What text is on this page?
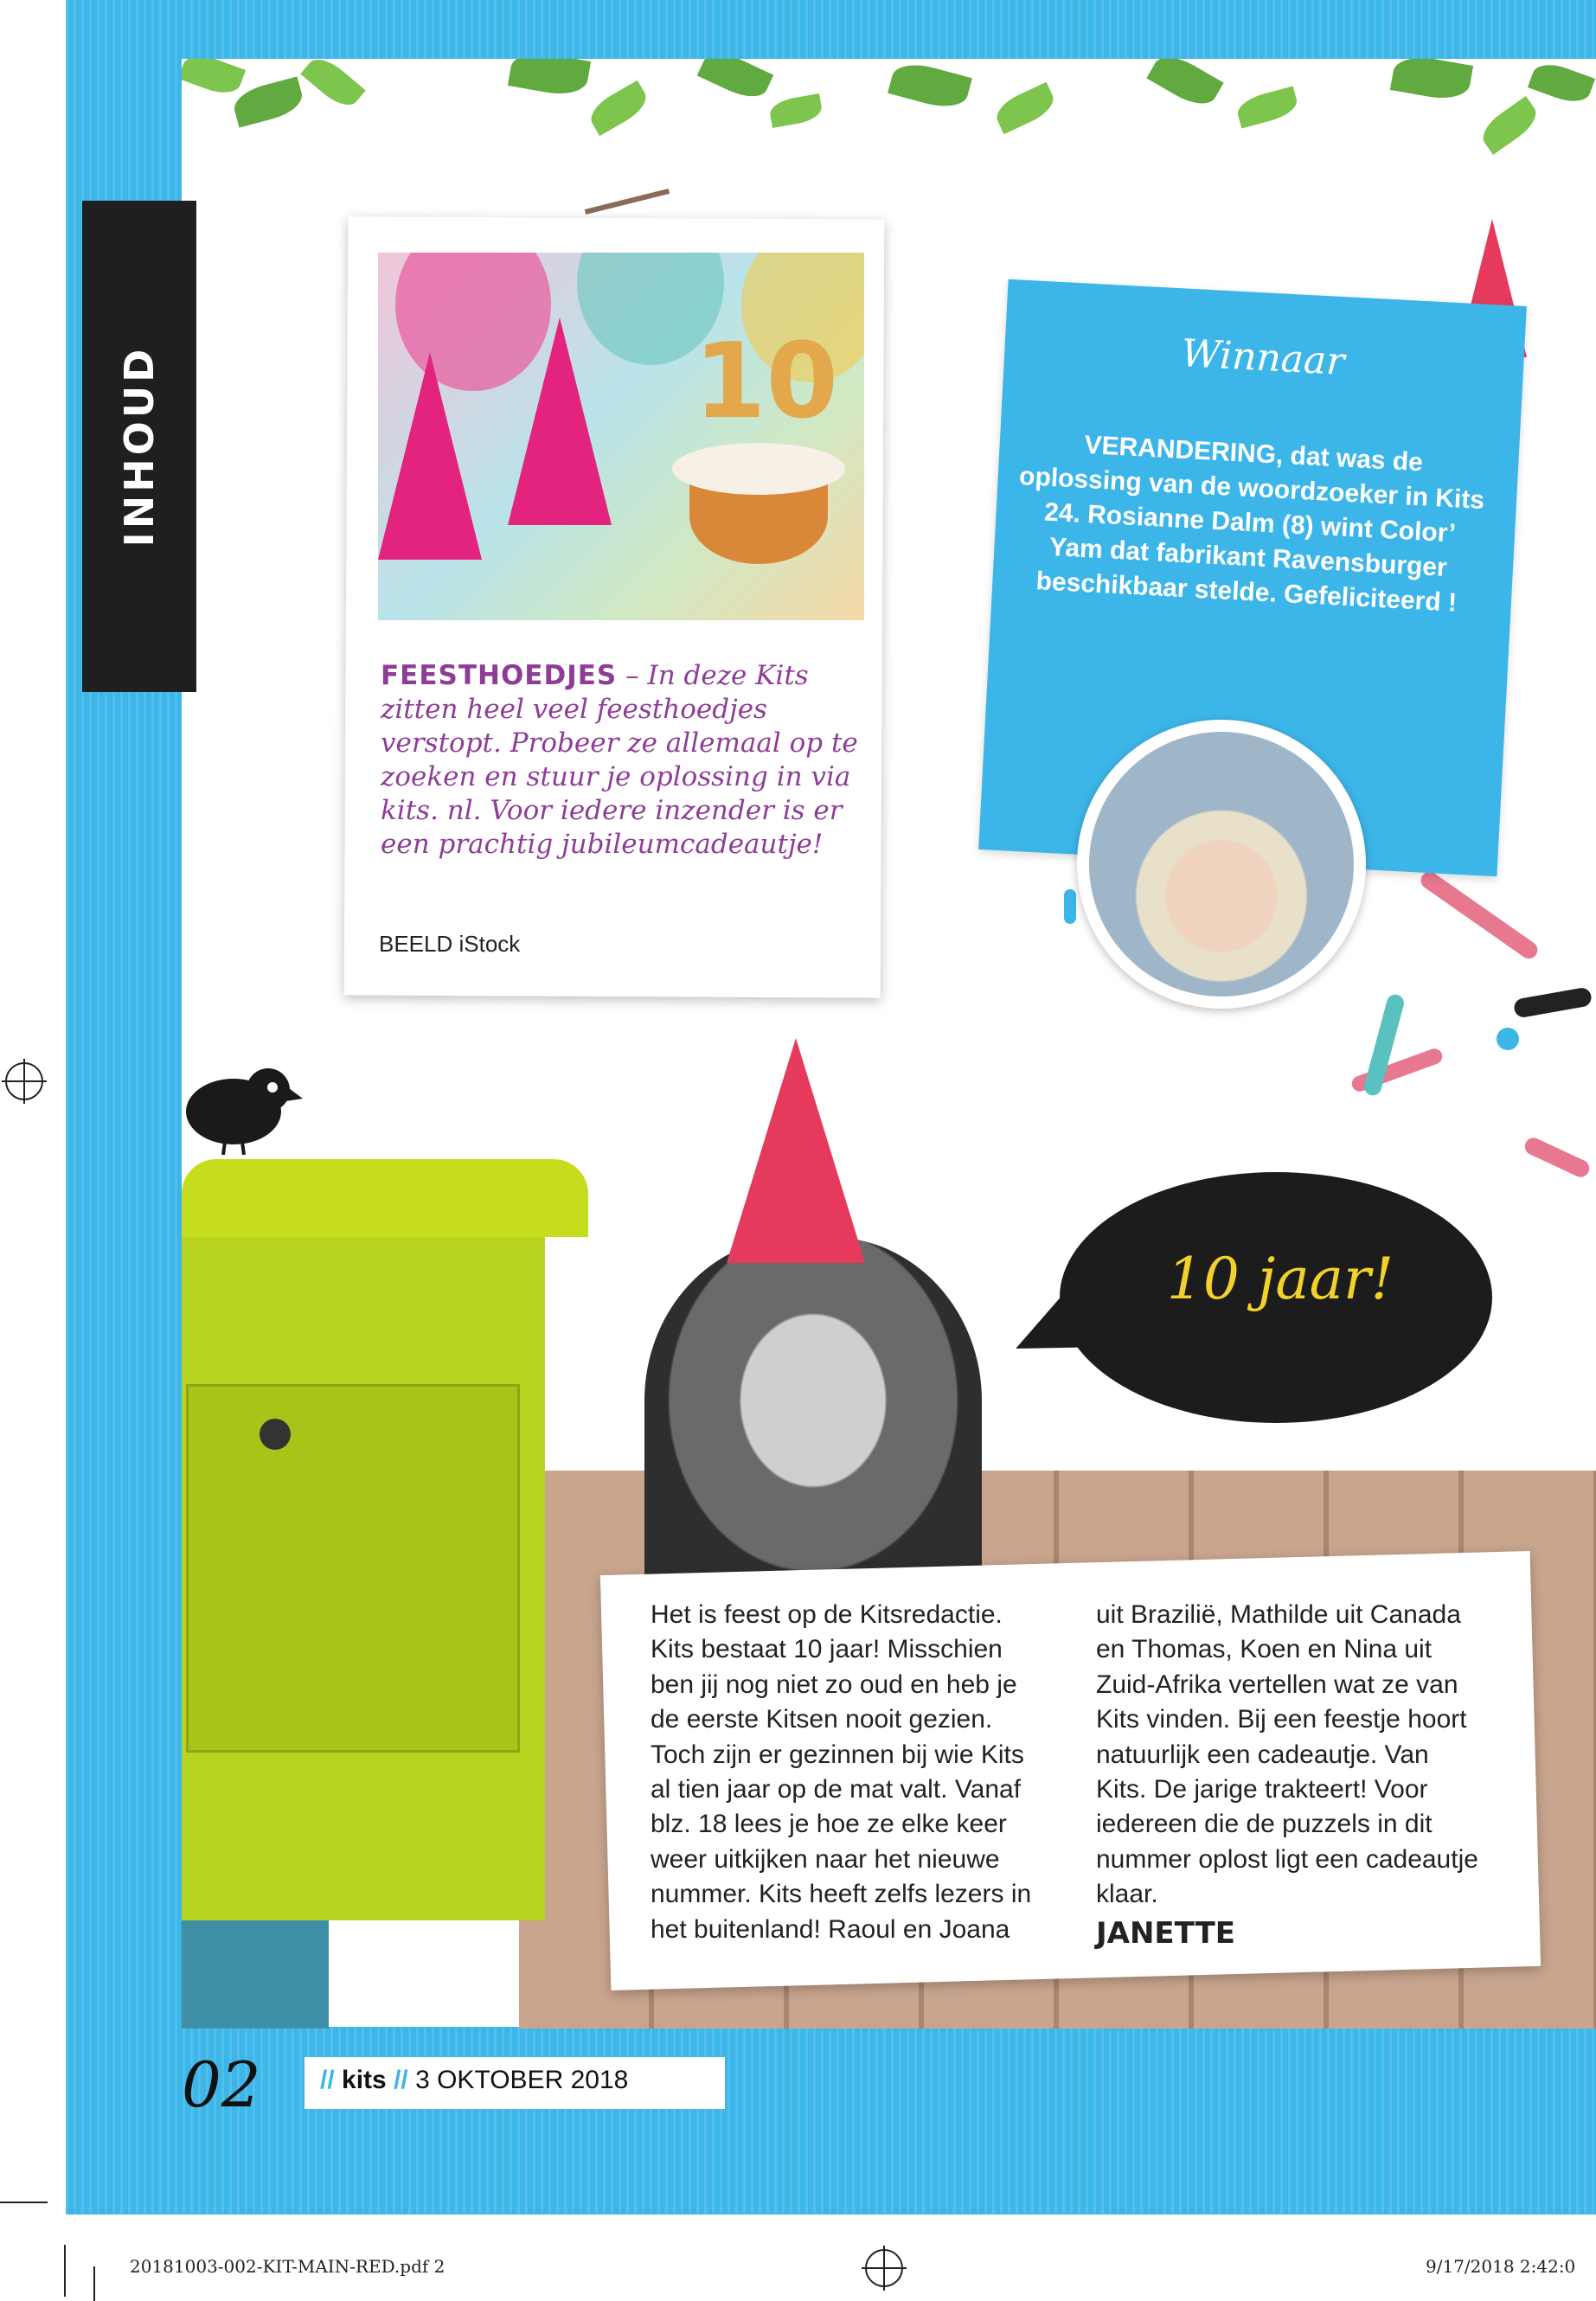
INHOUD	10
FEESTHOEDJES – In deze Kits zitten heel veel feesthoedjes verstopt. Probeer ze allemaal op te zoeken en stuur je oplossing in via kits. nl. Voor iedere inzender is er een prachtig jubileumcadeautje!
BEELD iStock
Winnaar
VERANDERING, dat was de oplossing van de woordzoeker in Kits 24. Rosianne Dalm (8) wint Color’ Yam dat fabrikant Ravensburger beschikbaar stelde. Gefeliciteerd !
10 jaar!
Het is feest op de Kitsredactie. Kits bestaat 10 jaar! Misschien ben jij nog niet zo oud en heb je de eerste Kitsen nooit gezien. Toch zijn er gezinnen bij wie Kits al tien jaar op de mat valt. Vanaf blz. 18 lees je hoe ze elke keer weer uitkijken naar het nieuwe nummer. Kits heeft zelfs lezers in het buitenland! Raoul en Joana
uit Brazilië, Mathilde uit Canada en Thomas, Koen en Nina uit Zuid-Afrika vertellen wat ze van Kits vinden. Bij een feestje hoort natuurlijk een cadeautje. Van Kits. De jarige trakteert! Voor iedereen die de puzzels in dit nummer oplost ligt een cadeautje klaar.
JANETTE
02 // kits // 3 OKTOBER 2018
20181003-002-KIT-MAIN-RED.pdf 2	9/17/2018 2:42:0
